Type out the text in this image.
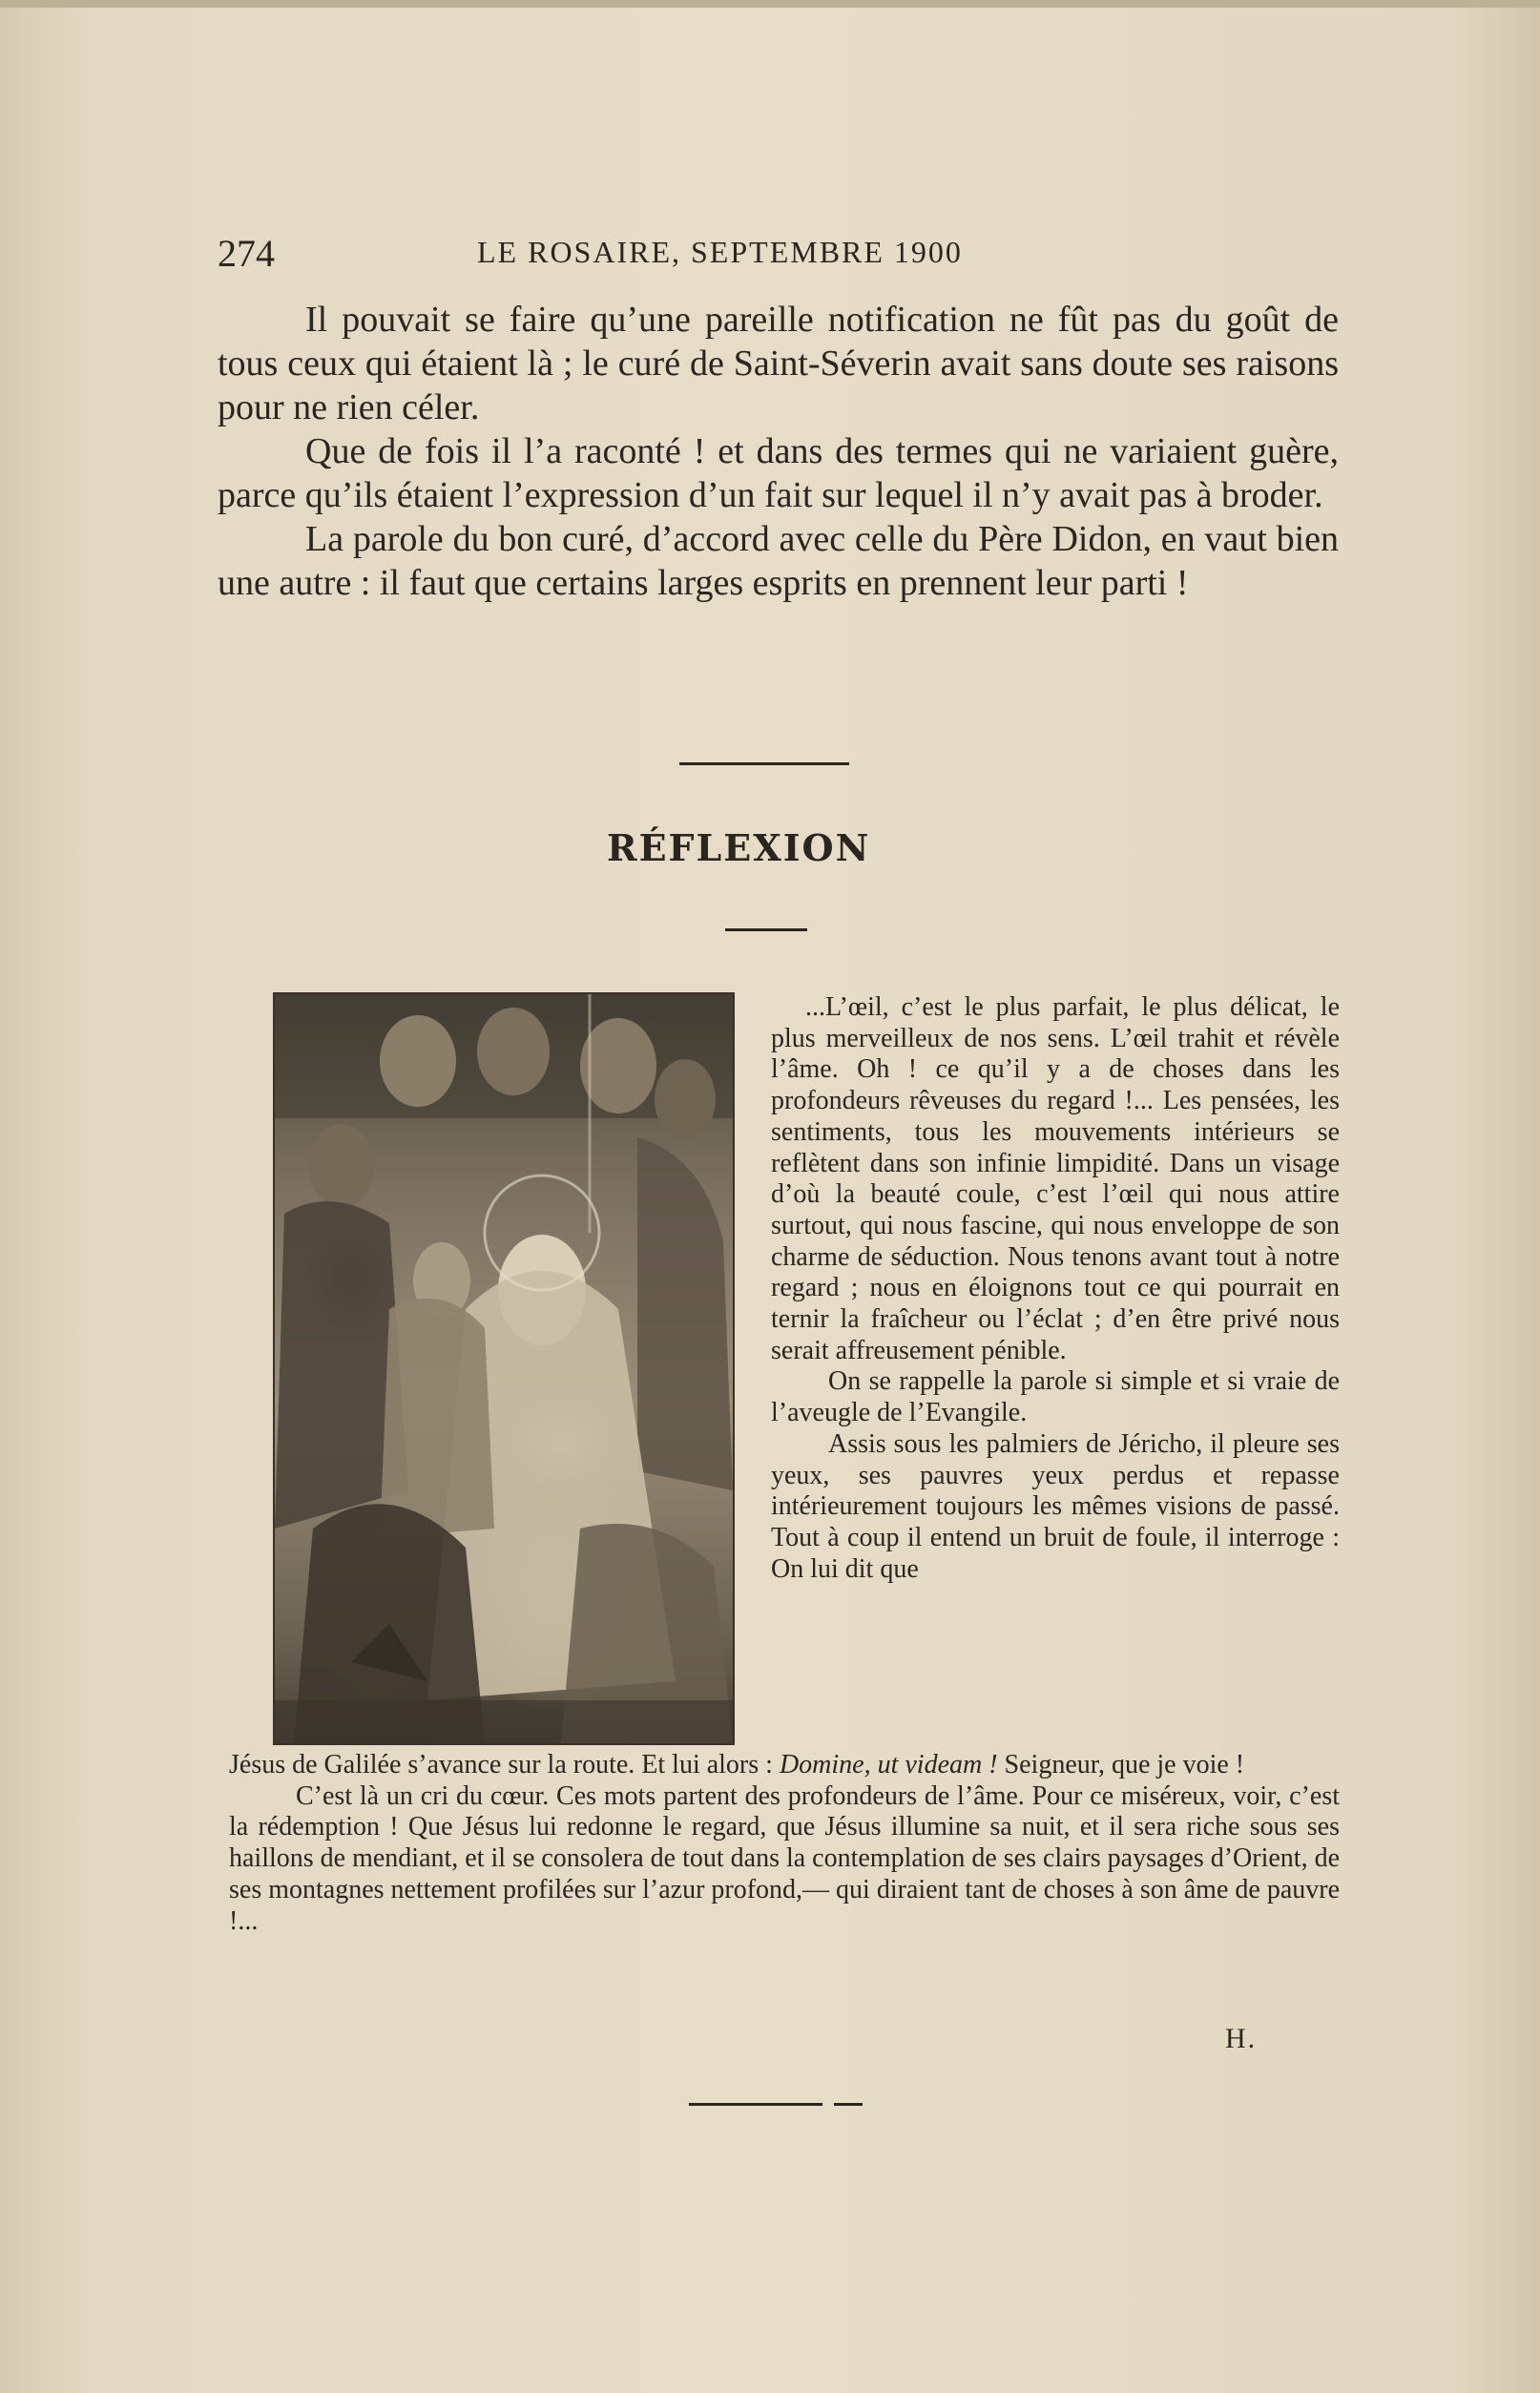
274	LE ROSAIRE, SEPTEMBRE 1900

Il pouvait se faire qu’une pareille notification ne fût pas du goût de tous ceux qui étaient là ; le curé de Saint-Séverin avait sans doute ses raisons pour ne rien céler.

Que de fois il l’a raconté ! et dans des termes qui ne variaient guère, parce qu’ils étaient l’expression d’un fait sur lequel il n’y avait pas à broder.

La parole du bon curé, d’accord avec celle du Père Didon, en vaut bien une autre : il faut que certains larges esprits en prennent leur parti !

RÉFLEXION

...L’œil, c’est le plus parfait, le plus délicat, le plus merveilleux de nos sens. L’œil trahit et révèle l’âme. Oh ! ce qu’il y a de choses dans les profondeurs rêveuses du regard !... Les pensées, les sentiments, tous les mouvements intérieurs se reflètent dans son infinie limpidité. Dans un visage d’où la beauté coule, c’est l’œil qui nous attire surtout, qui nous fascine, qui nous enveloppe de son charme de séduction. Nous tenons avant tout à notre regard ; nous en éloignons tout ce qui pourrait en ternir la fraîcheur ou l’éclat ; d’en être privé nous serait affreusement pénible.

On se rappelle la parole si simple et si vraie de l’aveugle de l’Evangile.

Assis sous les palmiers de Jéricho, il pleure ses yeux, ses pauvres yeux perdus et repasse intérieurement toujours les mêmes visions de passé. Tout à coup il entend un bruit de foule, il interroge : On lui dit que

Jésus de Galilée s’avance sur la route. Et lui alors : Domine, ut videam ! Seigneur, que je voie !

C’est là un cri du cœur. Ces mots partent des profondeurs de l’âme. Pour ce miséreux, voir, c’est la rédemption ! Que Jésus lui redonne le regard, que Jésus illumine sa nuit, et il sera riche sous ses haillons de mendiant, et il se consolera de tout dans la contemplation de ses clairs paysages d’Orient, de ses montagnes nettement profilées sur l’azur profond,— qui diraient tant de choses à son âme de pauvre !...

H.
